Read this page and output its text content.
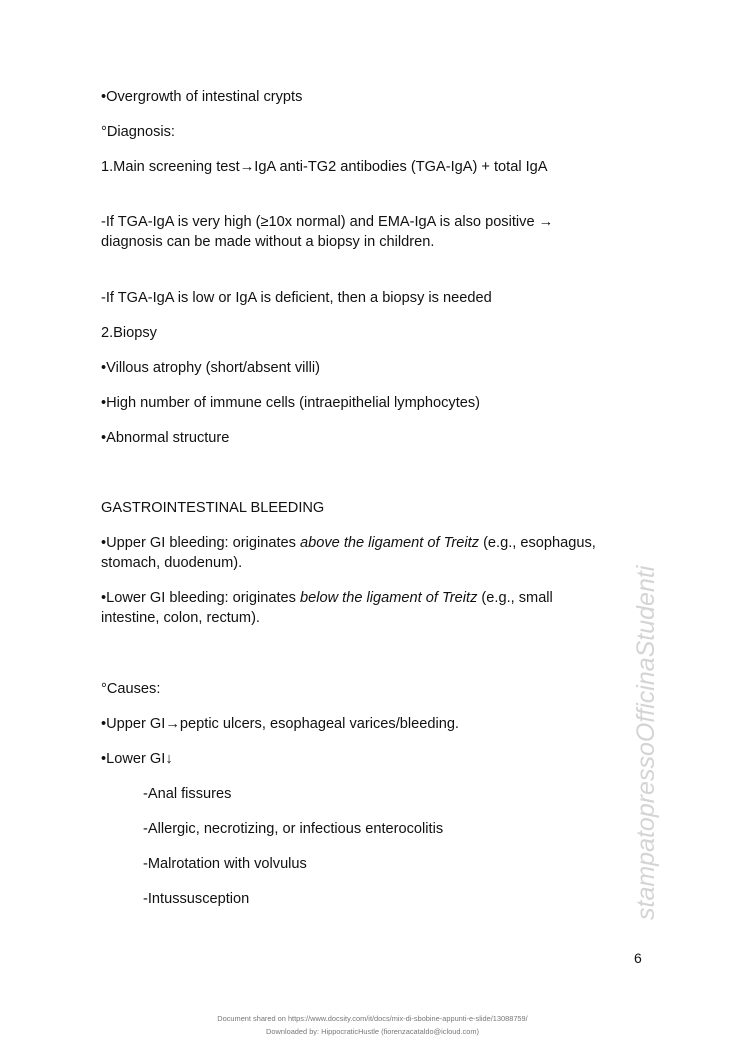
•Overgrowth of intestinal crypts
°Diagnosis:
1.Main screening test→IgA anti-TG2 antibodies (TGA-IgA) + total IgA
-If TGA-IgA is very high (≥10x normal) and EMA-IgA is also positive →
diagnosis can be made without a biopsy in children.
-If TGA-IgA is low or IgA is deficient, then a biopsy is needed
2.Biopsy
•Villous atrophy (short/absent villi)
•High number of immune cells (intraepithelial lymphocytes)
•Abnormal structure
GASTROINTESTINAL BLEEDING
•Upper GI bleeding: originates above the ligament of Treitz (e.g., esophagus,
stomach, duodenum).
•Lower GI bleeding: originates below the ligament of Treitz (e.g., small
intestine, colon, rectum).
°Causes:
•Upper GI→peptic ulcers, esophageal varices/bleeding.
•Lower GI↓
-Anal fissures
-Allergic, necrotizing, or infectious enterocolitis
-Malrotation with volvulus
-Intussusception	stampatopressoOfficinaStudenti
6
Document shared on https://www.docsity.com/it/docs/mix-di-sbobine-appunti-e-slide/13088759/
Downloaded by: HippocraticHustle (fiorenzacataldo@icloud.com)
